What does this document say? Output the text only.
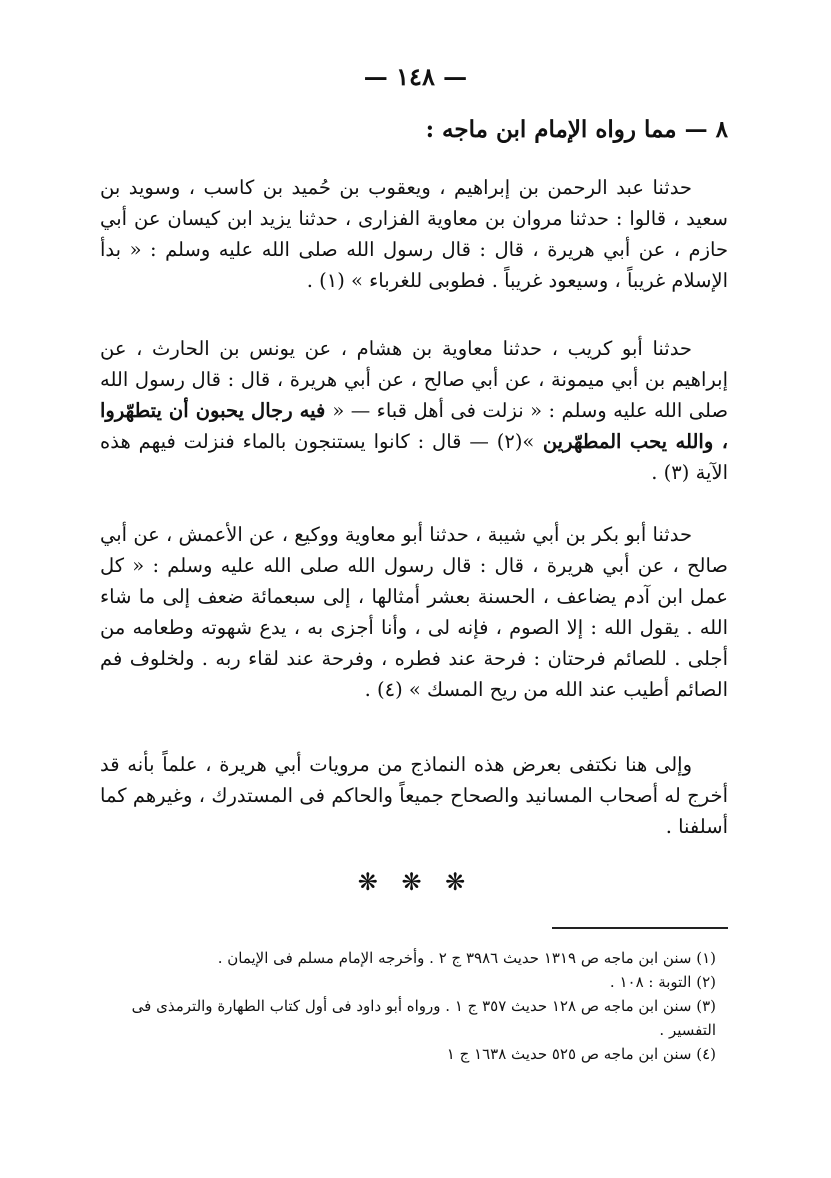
— ١٤٨ —
٨ — مما رواه الإمام ابن ماجه :
حدثنا عبد الرحمن بن إبراهيم ، ويعقوب بن حُميد بن كاسب ، وسويد بن سعيد ، قالوا : حدثنا مروان بن معاوية الفزارى ، حدثنا يزيد ابن كيسان عن أبي حازم ، عن أبي هريرة ، قال : قال رسول الله صلى الله عليه وسلم : « بدأ الإسلام غريباً ، وسيعود غريباً . فطوبى للغرباء » (١) .
حدثنا أبو كريب ، حدثنا معاوية بن هشام ، عن يونس بن الحارث ، عن إبراهيم بن أبي ميمونة ، عن أبي صالح ، عن أبي هريرة ، قال : قال رسول الله صلى الله عليه وسلم : « نزلت فى أهل قباء — « فيه رجال يحبون أن يتطهّروا ، والله يحب المطهّرين »(٢) — قال : كانوا يستنجون بالماء فنزلت فيهم هذه الآية (٣) .
حدثنا أبو بكر بن أبي شيبة ، حدثنا أبو معاوية ووكيع ، عن الأعمش ، عن أبي صالح ، عن أبي هريرة ، قال : قال رسول الله صلى الله عليه وسلم : « كل عمل ابن آدم يضاعف ، الحسنة بعشر أمثالها ، إلى سبعمائة ضعف إلى ما شاء الله . يقول الله : إلا الصوم ، فإنه لى ، وأنا أجزى به ، يدع شهوته وطعامه من أجلى . للصائم فرحتان : فرحة عند فطره ، وفرحة عند لقاء ربه . ولخلوف فم الصائم أطيب عند الله من ريح المسك » (٤) .
وإلى هنا نكتفى بعرض هذه النماذج من مرويات أبي هريرة ، علماً بأنه قد أخرج له أصحاب المسانيد والصحاح جميعاً والحاكم فى المستدرك ، وغيرهم كما أسلفنا .
❋ ❋ ❋
(١) سنن ابن ماجه ص ١٣١٩ حديث ٣٩٨٦ ج ٢ . وأخرجه الإمام مسلم فى الإيمان .
(٢) التوبة : ١٠٨ .
(٣) سنن ابن ماجه ص ١٢٨ حديث ٣٥٧ ج ١ . ورواه أبو داود فى أول كتاب الطهارة والترمذى فى التفسير .
(٤) سنن ابن ماجه ص ٥٢٥ حديث ١٦٣٨ ج ١
